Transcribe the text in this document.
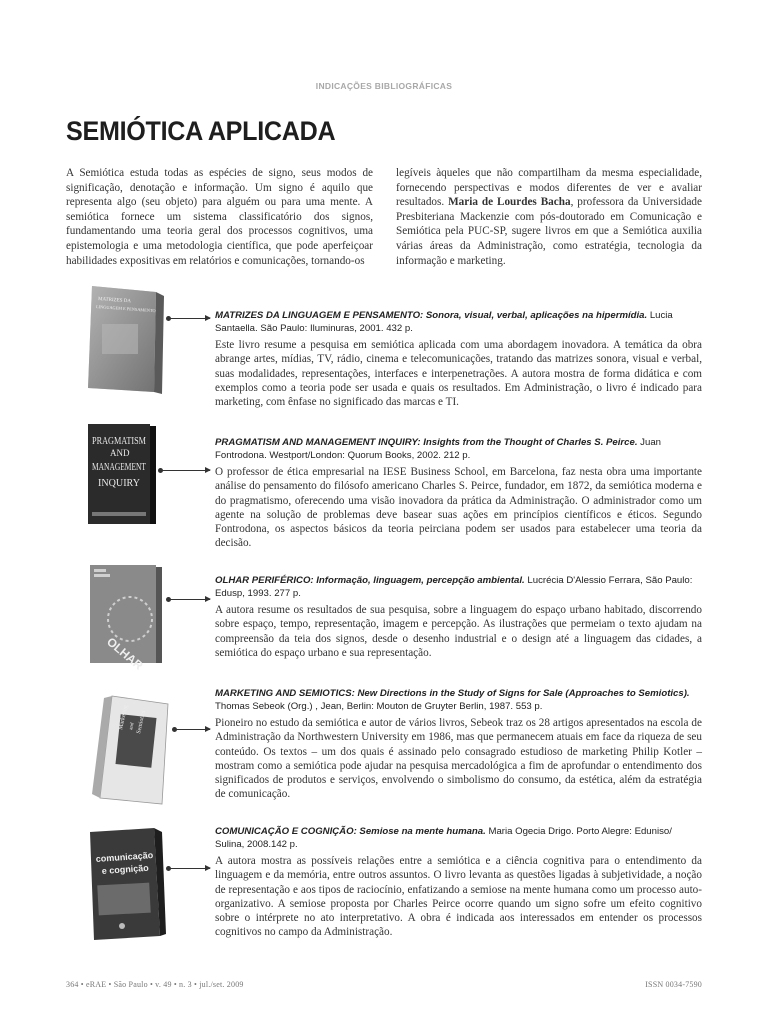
INDICAÇÕES BIBLIOGRÁFICAS
SEMIÓTICA APLICADA

A Semiótica estuda todas as espécies de signo, seus modos de significação, denotação e informação. Um signo é aquilo que representa algo (seu objeto) para alguém ou para uma mente. A semiótica fornece um sistema classificatório dos signos, fundamentando uma teoria geral dos processos cognitivos, uma epistemologia e uma metodologia científica, que pode aperfeiçoar habilidades expositivas em relatórios e comunicações, tornando-os

legíveis àqueles que não compartilham da mesma especialidade, fornecendo perspectivas e modos diferentes de ver e avaliar resultados. Maria de Lourdes Bacha, professora da Universidade Presbiteriana Mackenzie com pós-doutorado em Comunicação e Semiótica pela PUC-SP, sugere livros em que a Semiótica auxilia várias áreas da Administração, como estratégia, tecnologia da informação e marketing.

MATRIZES DA
LINGUAGEM E PENSAMENTO

MATRIZES DA LINGUAGEM E PENSAMENTO: Sonora, visual, verbal, aplicações na hipermídia. Lucia Santaella. São Paulo: Iluminuras, 2001. 432 p.

Este livro resume a pesquisa em semiótica aplicada com uma abordagem inovadora. A temática da obra abrange artes, mídias, TV, rádio, cinema e telecomunicações, tratando das matrizes sonora, visual e verbal, suas modalidades, representações, interfaces e interpenetrações. A autora mostra de forma didática e com exemplos como a teoria pode ser usada e quais os resultados. Em Administração, o livro é indicado para marketing, com ênfase no significado das marcas e TI.

PRAGMATISM
AND
MANAGEMENT
INQUIRY

PRAGMATISM AND MANAGEMENT INQUIRY: Insights from the Thought of Charles S. Peirce. Juan Fontrodona. Westport/London: Quorum Books, 2002. 212 p.

O professor de ética empresarial na IESE Business School, em Barcelona, faz nesta obra uma importante análise do pensamento do filósofo americano Charles S. Peirce, fundador, em 1872, da semiótica moderna e do pragmatismo, oferecendo uma visão inovadora da prática da Administração. O administrador como um agente na solução de problemas deve basear suas ações em princípios científicos e éticos. Segundo Fontrodona, os aspectos básicos da teoria peirciana podem ser usados para estabelecer uma teoria da decisão.

OLHAR

OLHAR PERIFÉRICO: Informação, linguagem, percepção ambiental. Lucrécia D'Alessio Ferrara, São Paulo: Edusp, 1993. 277 p.

A autora resume os resultados de sua pesquisa, sobre a linguagem do espaço urbano habitado, discorrendo sobre espaço, tempo, representação, imagem e percepção. As ilustrações que permeiam o texto ajudam na compreensão da teia dos signos, desde o desenho industrial e o design até a linguagem das cidades, a semiótica do espaço urbano e sua representação.

Marketing and Semiotics

MARKETING AND SEMIOTICS: New Directions in the Study of Signs for Sale (Approaches to Semiotics). Thomas Sebeok (Org.) , Jean, Berlin: Mouton de Gruyter Berlin, 1987. 553 p.

Pioneiro no estudo da semiótica e autor de vários livros, Sebeok traz os 28 artigos apresentados na escola de Administração da Northwestern University em 1986, mas que permanecem atuais em face da riqueza de seu conteúdo. Os textos – um dos quais é assinado pelo consagrado estudioso de marketing Philip Kotler – mostram como a semiótica pode ajudar na pesquisa mercadológica a fim de aprofundar o entendimento dos significados de produtos e serviços, envolvendo o simbolismo do consumo, da estética, além da estratégia de comunicação.

comunicação
e cognição

COMUNICAÇÃO E COGNIÇÃO: Semiose na mente humana. Maria Ogecia Drigo. Porto Alegre: Eduniso/ Sulina, 2008.142 p.

A autora mostra as possíveis relações entre a semiótica e a ciência cognitiva para o entendimento da linguagem e da memória, entre outros assuntos. O livro levanta as questões ligadas à subjetividade, a noção de representação e aos tipos de raciocínio, enfatizando a semiose na mente humana como um processo auto-organizativo. A semiose proposta por Charles Peirce ocorre quando um signo sofre um efeito cognitivo sobre o intérprete no ato interpretativo. A obra é indicada aos interessados em entender os processos cognitivos no campo da Administração.

364 • eRAE • São Paulo • v. 49 • n. 3 • jul./set. 2009	ISSN 0034-7590
